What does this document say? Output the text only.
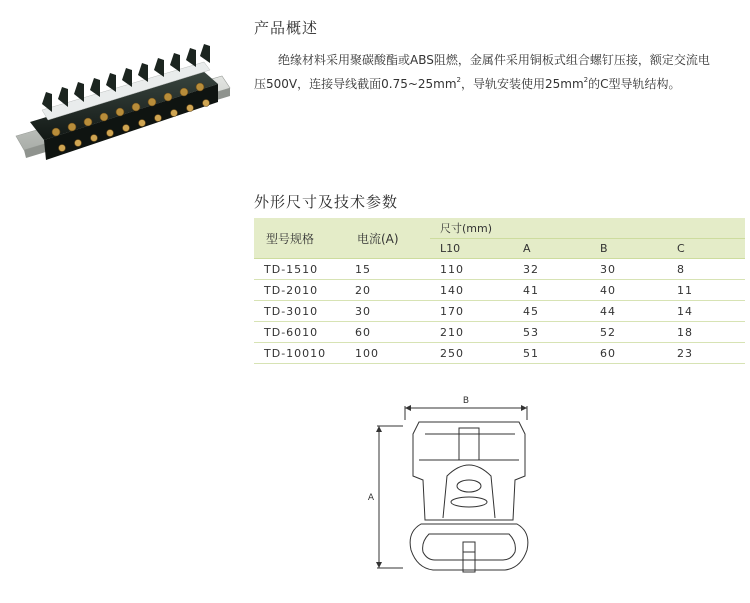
产品概述

绝缘材料采用聚碳酸酯或ABS阻燃，金属件采用铜板式组合螺钉压接，额定交流电
压500V，连接导线截面$0.75\sim 25mm^2$，导轨安装使用$25mm^2$的C型导轨结构。

外形尺寸及技术参数
型号规格	电流(A)	尺寸(mm)			
		L10	A	B	C
TD-1510	15	110	32	30	8
TD-2010	20	140	41	40	11
TD-3010	30	170	45	44	14
TD-6010	60	210	53	52	18
TD-10010	100	250	51	60	23
B
A
